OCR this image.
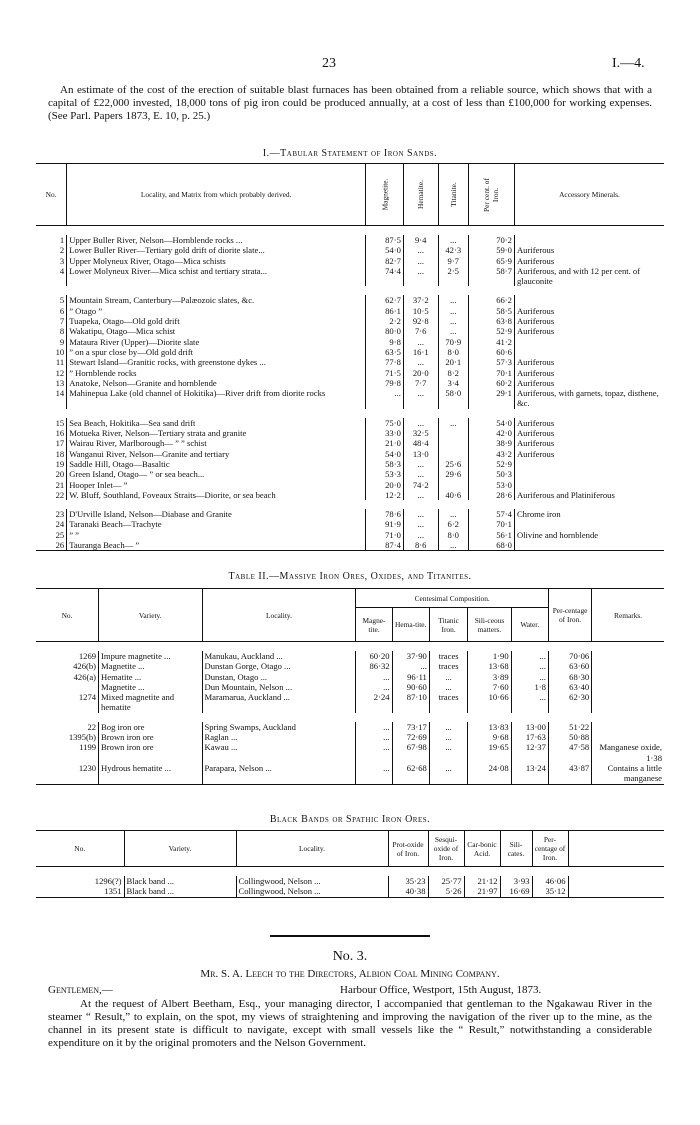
23	I.—4.

An estimate of the cost of the erection of suitable blast furnaces has been obtained from a reliable source, which shows that with a capital of £22,000 invested, 18,000 tons of pig iron could be produced annually, at a cost of less than £100,000 for working expenses. (See Parl. Papers 1873, E. 10, p. 25.)

I.—Tabular Statement of Iron Sands.
No.	Locality, and Matrix from which probably derived.	Magnetite.	Hematite.	Titanite.	Per cent. of Iron.	Accessory Minerals.

1	Upper Buller River, Nelson—Hornblende rocks ...	87·5	9·4	...	70·2	
2	Lower Buller River—Tertiary gold drift of diorite slate...	54·0	...	42·3	59·0	Auriferous
3	Upper Molyneux River, Otago—Mica schists	82·7	...	9·7	65·9	Auriferous
4	Lower Molyneux River—Mica schist and tertiary strata...	74·4	...	2·5	58·7	Auriferous, and with 12 per cent. of glauconite

5	Mountain Stream, Canterbury—Palæozoic slates, &c.	62·7	37·2	...	66·2	
6	” Otago ”	86·1	10·5	...	58·5	Auriferous
7	Tuapeka, Otago—Old gold drift	2·2	92·8	...	63·8	Auriferous
8	Wakatipu, Otago—Mica schist	80·0	7·6	...	52·9	Auriferous
9	Mataura River (Upper)—Diorite slate	9·8	...	70·9	41·2	
10	” on a spur close by—Old gold drift	63·5	16·1	8·0	60·6	
11	Stewart Island—Granitic rocks, with greenstone dykes ...	77·8	...	20·1	57·3	Auriferous
12	” Hornblende rocks	71·5	20·0	8·2	70·1	Auriferous
13	Anatoke, Nelson—Granite and hornblende	79·8	7·7	3·4	60·2	Auriferous
14	Mahinepua Lake (old channel of Hokitika)—River drift from diorite rocks	...	...	58·0	29·1	Auriferous, with garnets, topaz, disthene, &c.

15	Sea Beach, Hokitika—Sea sand drift	75·0	...	...	54·0	Auriferous
16	Motueka River, Nelson—Tertiary strata and granite	33·0	32·5		42·0	Auriferous
17	Wairau River, Marlborough— ” ” schist	21·0	48·4		38·9	Auriferous
18	Wanganui River, Nelson—Granite and tertiary	54·0	13·0		43·2	Auriferous
19	Saddle Hill, Otago—Basaltic	58·3	...	25·6	52·9	
20	Green Island, Otago— ” or sea beach...	53·3	...	29·6	50·3	
21	Hooper Inlet— ”	20·0	74·2		53·0	
22	W. Bluff, Southland, Foveaux Straits—Diorite, or sea beach	12·2	...	40·6	28·6	Auriferous and Platiniferous

23	D'Urville Island, Nelson—Diabase and Granite	78·6	...	...	57·4	Chrome iron
24	Taranaki Beach—Trachyte	91·9	...	6·2	70·1	
25	” ”	71·0	...	8·0	56·1	Olivine and hornblende
26	Tauranga Beach— ”	87·4	8·6	...	68·0	
Table II.—Massive Iron Ores, Oxides, and Titanites.
No.	Variety.	Locality.	Centesimal Composition.					Per-centage of Iron.	Remarks.
			Magne-tite.	Hema-tite.	Titanic Iron.	Sili-ceous matters.	Water.		

1269	Impure magnetite ...	Manukau, Auckland ...	60·20	37·90	traces	1·90	...	70·06	
426(b)	Magnetite ...	Dunstan Gorge, Otago ...	86·32	...	traces	13·68	...	63·60	
426(a)	Hematite ...	Dunstan, Otago ...	...	96·11	...	3·89	...	68·30	
	Magnetite ...	Dun Mountain, Nelson ...	...	90·60	...	7·60	1·8	63·40	
1274	Mixed magnetite and hematite	Maramarua, Auckland ...	2·24	87·10	traces	10·66	...	62·30	

22	Bog iron ore	Spring Swamps, Auckland	...	73·17	...	13·83	13·00	51·22	
1395(b)	Brown iron ore	Raglan ...	...	72·69	...	9·68	17·63	50·88	
1199	Brown iron ore	Kawau ...	...	67·98	...	19·65	12·37	47·58	Manganese oxide, 1·38
1230	Hydrous hematite ...	Parapara, Nelson ...	...	62·68	...	24·08	13·24	43·87	Contains a little manganese
Black Bands or Spathic Iron Ores.
No.	Variety.	Locality.	Prot-oxide of Iron.	Sesqui-oxide of Iron.	Car-bonic Acid.	Sili-cates.	Per-centage of Iron.	

1296(?)	Black band ...	Collingwood, Nelson ...	35·23	25·77	21·12	3·93	46·06	
1351	Black band ...	Collingwood, Nelson ...	40·38	5·26	21·97	16·69	35·12	
No. 3.
Mr. S. A. Leech to the Directors, Albion Coal Mining Company.
Gentlemen,—	Harbour Office, Westport, 15th August, 1873.

At the request of Albert Beetham, Esq., your managing director, I accompanied that gentleman to the Ngakawau River in the steamer “ Result,” to explain, on the spot, my views of straightening and improving the navigation of the river up to the mine, as the channel in its present state is difficult to navigate, except with small vessels like the “ Result,” notwithstanding a considerable expenditure on it by the original promoters and the Nelson Government.
